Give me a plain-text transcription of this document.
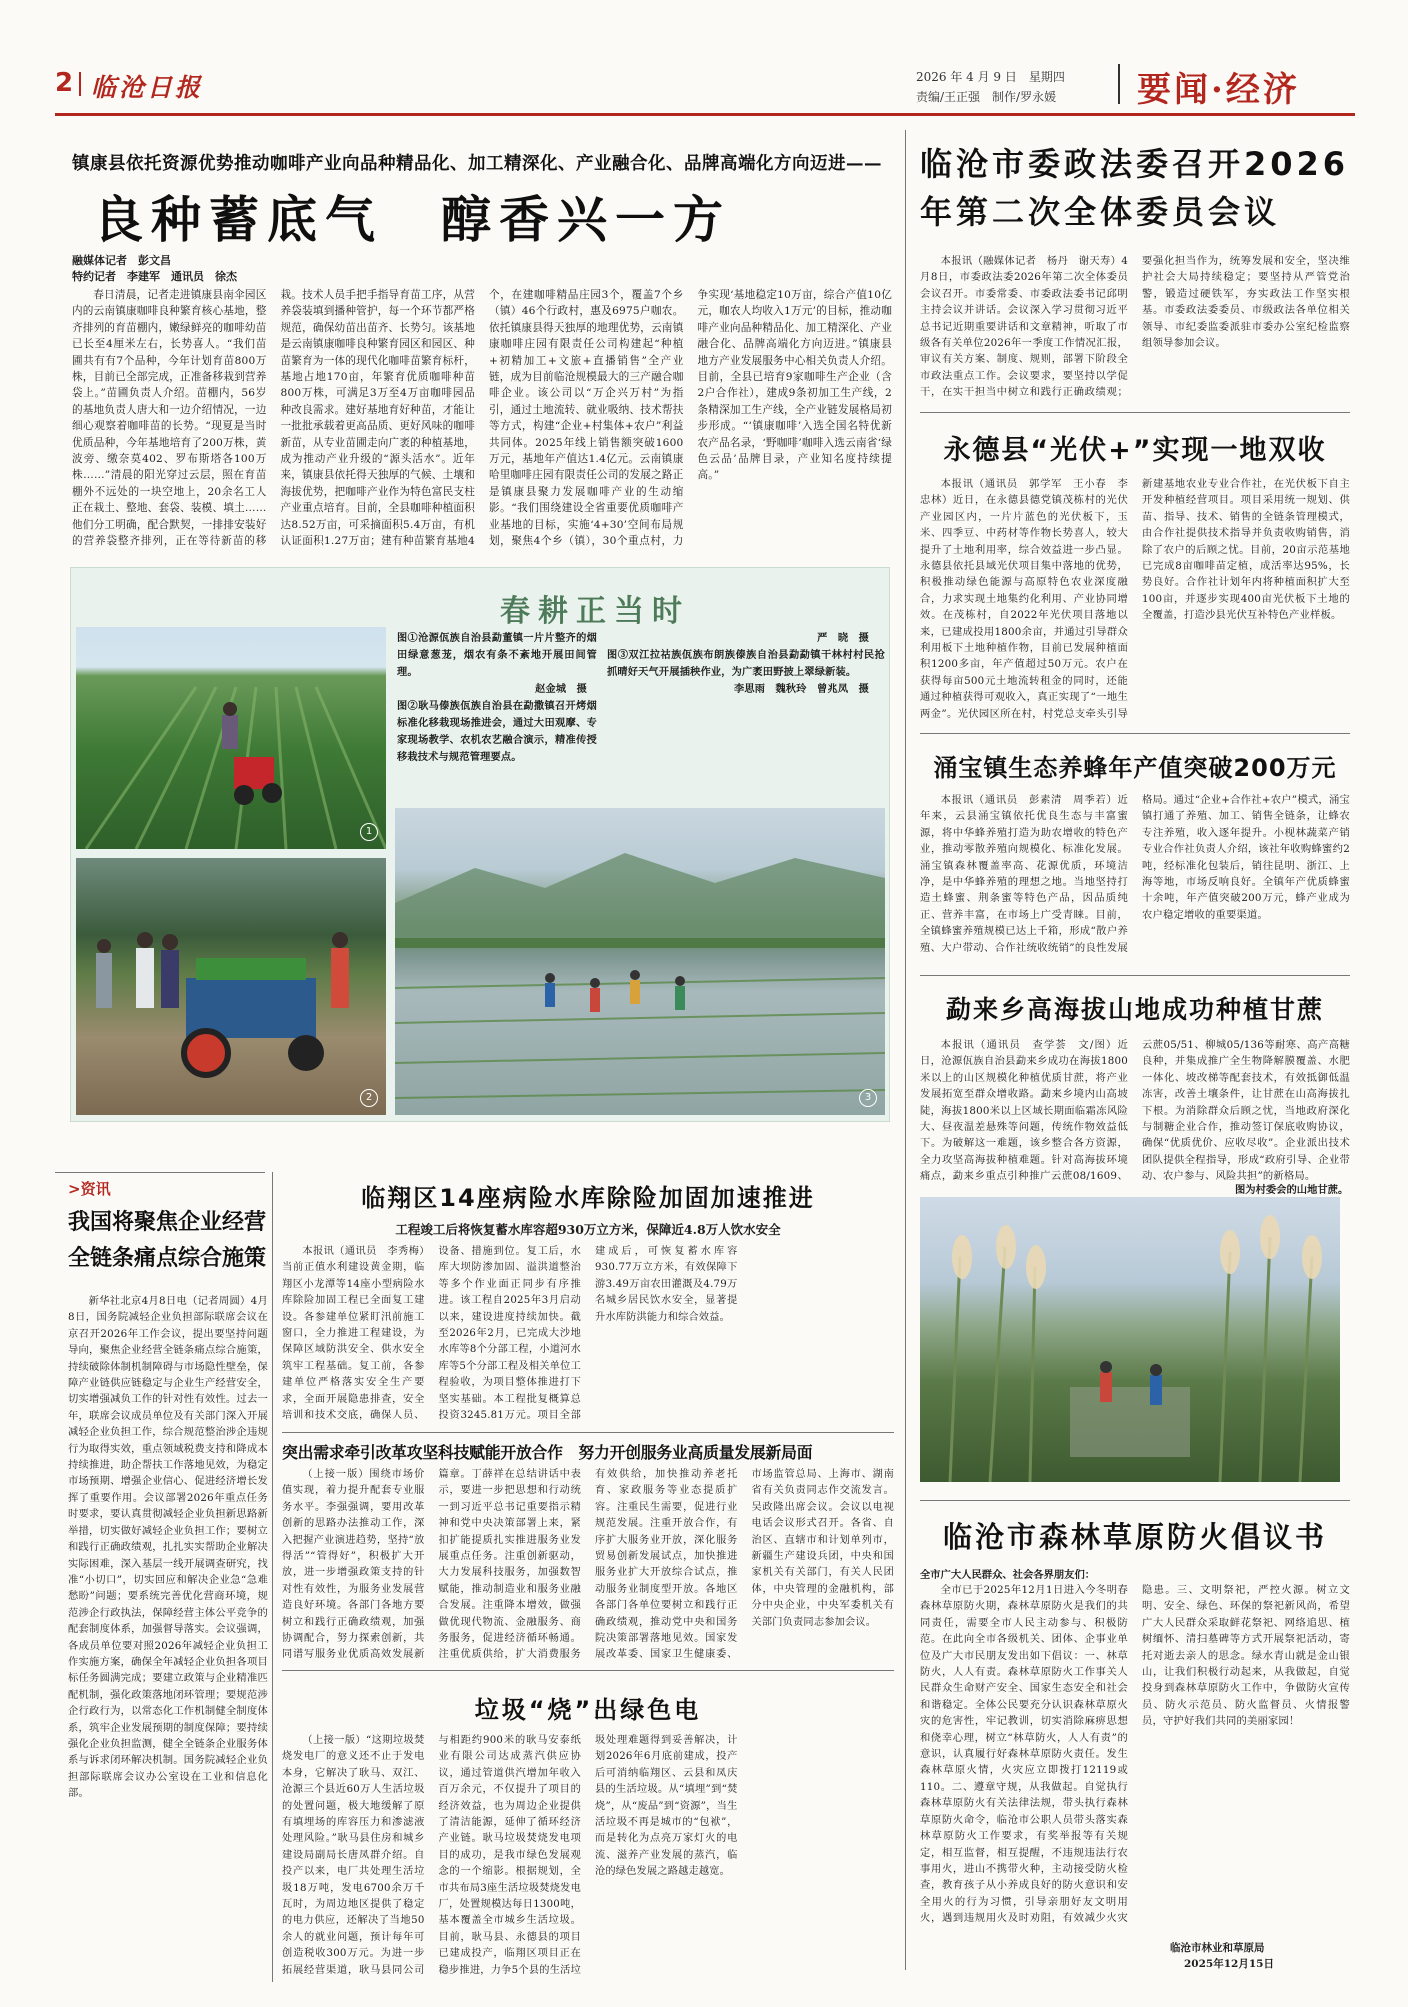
2 临沧日报	2026 年 4 月 9 日　星期四
责编/王正强　制作/罗永媛 要闻·经济
镇康县依托资源优势推动咖啡产业向品种精品化、加工精深化、产业融合化、品牌高端化方向迈进——
良种蓄底气　醇香兴一方
融媒体记者　彭文昌
特约记者　李建军　通讯员　徐杰
春日清晨，记者走进镇康县南伞园区内的云南镇康咖啡良种繁育核心基地，整齐排列的育苗棚内，嫩绿鲜亮的咖啡幼苗已长至4厘米左右，长势喜人。“我们苗圃共有有7个品种，今年计划育苗800万株，目前已全部完成，正准备移栽到营养袋上。”苗圃负责人介绍。苗棚内，56岁的基地负责人唐大和一边介绍情况，一边细心观察着咖啡苗的长势。“现夏是当时优质品种，今年基地培育了200万株，黄波旁、缴奈莫402、罗布斯塔各100万株……”清晨的阳光穿过云层，照在育苗棚外不远处的一块空地上，20余名工人正在栽土、整地、套袋、装模、填土……他们分工明确，配合默契，一排排安装好的营养袋整齐排列，正在等待新苗的移栽。技术人员手把手指导育苗工序，从营养袋装填到播种管护，每一个环节都严格规范，确保幼苗出苗齐、长势匀。该基地是云南镇康咖啡良种繁育园区和园区、种苗繁育为一体的现代化咖啡苗繁育标杆，基地占地170亩，年繁育优质咖啡种苗800万株，可满足3万至4万亩咖啡园品种改良需求。建好基地育好种苗，才能让一批批承载着更高品质、更好风味的咖啡新苗，从专业苗圃走向广袤的种植基地，成为推动产业升级的“源头活水”。近年来，镇康县依托得天独厚的气候、土壤和海拔优势，把咖啡产业作为特色富民支柱产业重点培育。目前，全县咖啡种植面积达8.52万亩，可采摘面积5.4万亩，有机认证面积1.27万亩；建有种苗繁育基地4个，在建咖啡精品庄园3个，覆盖7个乡（镇）46个行政村，惠及6975户咖农。依托镇康县得天独厚的地理优势，云南镇康咖啡庄园有限责任公司构建起“种植+初精加工+文旅+直播销售”全产业链，成为目前临沧规模最大的三产融合咖啡企业。该公司以“万企兴万村”为指引，通过土地流转、就业吸纳、技术帮扶等方式，构建“企业+村集体+农户”利益共同体。2025年线上销售额突破1600万元，基地年产值达1.4亿元。云南镇康哈里咖啡庄园有限责任公司的发展之路正是镇康县聚力发展咖啡产业的生动缩影。“我们围绕建设全省重要优质咖啡产业基地的目标，实施‘4+30’空间布局规划，聚焦4个乡（镇），30个重点村，力争实现‘基地稳定10万亩，综合产值10亿元，咖农人均收入1万元’的目标，推动咖啡产业向品种精品化、加工精深化、产业融合化、品牌高端化方向迈进。”镇康县地方产业发展服务中心相关负责人介绍。目前，全县已培育9家咖啡生产企业（含2户合作社），建成9条初加工生产线，2条精深加工生产线，全产业链发展格局初步形成。“‘镇康咖啡’入选全国名特优新农产品名录，‘野咖啡’咖啡入选云南省‘绿色云品’品牌目录，产业知名度持续提高。”
春耕正当时
1
图①沧源佤族自治县勐董镇一片片整齐的烟田绿意葱茏，烟农有条不紊地开展田间管理。
赵金城　摄
图②耿马傣族佤族自治县在勐撒镇召开烤烟标准化移栽现场推进会，通过大田观摩、专家现场教学、农机农艺融合演示，精准传授移栽技术与规范管理要点。
严　晓　摄
图③双江拉祜族佤族布朗族傣族自治县勐勐镇干林村村民抢抓晴好天气开展插秧作业，为广袤田野披上翠绿新装。
李思雨　魏秋玲　曾兆凤　摄
2	3
临沧市委政法委召开2026年第二次全体委员会议
本报讯（融媒体记者　杨丹　谢天寿）4月8日，市委政法委2026年第二次全体委员会议召开。市委常委、市委政法委书记邱明主持会议并讲话。会议深入学习贯彻习近平总书记近期重要讲话和文章精神，听取了市级各有关单位2026年一季度工作情况汇报，审议有关方案、制度、规则，部署下阶段全市政法重点工作。会议要求，要坚持以学促干，在实干担当中树立和践行正确政绩观；要强化担当作为，统筹发展和安全，坚决维护社会大局持续稳定；要坚持从严管党治警，锻造过硬铁军，夯实政法工作坚实根基。市委政法委委员、市级政法各单位相关领导、市纪委监委派驻市委办公室纪检监察组领导参加会议。
永德县“光伏+”实现一地双收
本报讯（通讯员　郭学军　王小春　李忠林）近日，在永德县德党镇茂栋村的光伏产业园区内，一片片蓝色的光伏板下，玉米、四季豆、中药材等作物长势喜人，较大提升了土地利用率，综合效益进一步凸显。永德县依托县域光伏项目集中落地的优势，积极推动绿色能源与高原特色农业深度融合，力求实现土地集约化利用、产业协同增效。在茂栋村，自2022年光伏项目落地以来，已建成投用1800余亩，并通过引导群众利用板下土地种植作物，目前已发展种植面积1200多亩，年产值超过50万元。农户在获得每亩500元土地流转租金的同时，还能通过种植获得可观收入，真正实现了“一地生两金”。光伏园区所在村，村党总支牵头引导新建基地农业专业合作社，在光伏板下自主开发种植经营项目。项目采用统一规划、供苗、指导、技术、销售的全链条管理模式，由合作社提供技术指导并负责收购销售，消除了农户的后顾之忧。目前，20亩示范基地已完成8亩咖啡苗定植，成活率达95%，长势良好。合作社计划年内将种植面积扩大至100亩，并逐步实现400亩光伏板下土地的全覆盖，打造沙县光伏互补特色产业样板。
涌宝镇生态养蜂年产值突破200万元
本报讯（通讯员　彭素清　周季若）近年来，云县涌宝镇依托优良生态与丰富蜜源，将中华蜂养殖打造为助农增收的特色产业，推动零散养殖向规模化、标准化发展。涌宝镇森林覆盖率高、花源优质，环境洁净，是中华蜂养殖的理想之地。当地坚持打造土蜂蜜、荆条蜜等特色产品，因品质纯正、营养丰富，在市场上广受青睐。目前，全镇蜂蜜养殖规模已达上千箱，形成“散户养殖、大户带动、合作社统收统销”的良性发展格局。通过“企业+合作社+农户”模式，涌宝镇打通了养殖、加工、销售全链条，让蜂农专注养殖，收入逐年提升。小枧林蔬菜产销专业合作社负责人介绍，该社年收购蜂蜜约2吨，经标准化包装后，销往昆明、浙江、上海等地，市场反响良好。全镇年产优质蜂蜜十余吨，年产值突破200万元，蜂产业成为农户稳定增收的重要渠道。
勐来乡高海拔山地成功种植甘蔗
本报讯（通讯员　查学荟　文/图）近日，沧源佤族自治县勐来乡成功在海拔1800米以上的山区规模化种植优质甘蔗，将产业发展拓宽至群众增收路。勐来乡境内山高坡陡，海拔1800米以上区域长期面临霜冻风险大、昼夜温差悬殊等问题，传统作物效益低下。为破解这一难题，该乡整合各方资源，全力攻坚高海拔种植难题。针对高海拔环境痛点，勐来乡重点引种推广云蔗08/1609、云蔗05/51、柳城05/136等耐寒、高产高糖良种，并集成推广全生物降解膜覆盖、水肥一体化、坡改梯等配套技术，有效抵御低温冻害，改善土壤条件，让甘蔗在山高海拔扎下根。为消除群众后顾之忧，当地政府深化与制糖企业合作，推动签订保底收购协议，确保“优质优价、应收尽收”。企业派出技术团队提供全程指导，形成“政府引导、企业带动、农户参与、风险共担”的新格局。
图为村委会的山地甘蔗。
临沧市森林草原防火倡议书
全市广大人民群众、社会各界朋友们：
全市已于2025年12月1日进入今冬明春森林草原防火期，森林草原防火是我们的共同责任，需要全市人民主动参与、积极防范。在此向全市各级机关、团体、企事业单位及广大市民朋友发出如下倡议：一、林草防火，人人有责。森林草原防火工作事关人民群众生命财产安全、国家生态安全和社会和谐稳定。全体公民要充分认识森林草原火灾的危害性，牢记教训，切实消除麻痹思想和侥幸心理，树立“林草防火，人人有责”的意识，认真履行好森林草原防火责任。发生森林草原火情，火灾应立即拨打12119或110。二、遵章守规，从我做起。自觉执行森林草原防火有关法律法规，带头执行森林草原防火命令，临沧市公职人员带头落实森林草原防火工作要求，有奖举报等有关规定，相互监督，相互提醒，不违规违法行农事用火，进山不携带火种，主动接受防火检查，教育孩子从小养成良好的防火意识和安全用火的行为习惯，引导亲朋好友文明用火，遇到违规用火及时劝阻，有效减少火灾隐患。三、文明祭祀，严控火源。树立文明、安全、绿色、环保的祭祀新风尚，希望广大人民群众采取鲜花祭祀、网络追思、植树缅怀、清扫墓碑等方式开展祭祀活动，寄托对逝去亲人的思念。绿水青山就是金山银山，让我们积极行动起来，从我做起，自觉投身到森林草原防火工作中，争做防火宣传员、防火示范员、防火监督员、火情报警员，守护好我们共同的美丽家园！
临沧市林业和草原局
2025年12月15日
>资讯
我国将聚焦企业经营全链条痛点综合施策
新华社北京4月8日电（记者周圆）4月8日，国务院减轻企业负担部际联席会议在京召开2026年工作会议，提出要坚持问题导向，聚焦企业经营全链条痛点综合施策，持续破除体制机制障碍与市场隐性壁垒，保障产业链供应链稳定与企业生产经营安全，切实增强减负工作的针对性有效性。过去一年，联席会议成员单位及有关部门深入开展减轻企业负担工作，综合规范整治涉企违规行为取得实效，重点领域税费支持和降成本持续推进，助企帮扶工作落地见效，为稳定市场预期、增强企业信心、促进经济增长发挥了重要作用。会议部署2026年重点任务时要求，要认真贯彻减轻企业负担新思路新举措，切实做好减轻企业负担工作；要树立和践行正确政绩观，扎扎实实帮助企业解决实际困难，深入基层一线开展调查研究，找准“小切口”，切实回应和解决企业急“急难愁盼”问题；要系统完善优化营商环境，规范涉企行政执法，保障经营主体公平竞争的配套制度体系，加强督导落实。会议强调，各成员单位要对照2026年减轻企业负担工作实施方案，确保全年减轻企业负担各项目标任务圆满完成；要建立政策与企业精准匹配机制，强化政策落地闭环管理；要规范涉企行政行为，以常态化工作机制健全制度体系，筑牢企业发展预期的制度保障；要持续强化企业负担监测，健全全链条企业服务体系与诉求闭环解决机制。国务院减轻企业负担部际联席会议办公室设在工业和信息化部。
临翔区14座病险水库除险加固加速推进
工程竣工后将恢复蓄水库容超930万立方米，保障近4.8万人饮水安全
本报讯（通讯员　李秀梅）当前正值水利建设黄金期，临翔区小龙潭等14座小型病险水库除险加固工程已全面复工建设。各参建单位紧盯汛前施工窗口，全力推进工程建设，为保障区域防洪安全、供水安全筑牢工程基础。复工前，各参建单位严格落实安全生产要求，全面开展隐患排查，安全培训和技术交底，确保人员、设备、措施到位。复工后，水库大坝防渗加固、溢洪道整治等多个作业面正同步有序推进。该工程自2025年3月启动以来，建设进度持续加快。截至2026年2月，已完成大沙地水库等8个分部工程，小道河水库等5个分部工程及相关单位工程验收，为项目整体推进打下坚实基础。本工程批复概算总投资3245.81万元。项目全部建成后，可恢复蓄水库容930.77万立方米，有效保障下游3.49万亩农田灌溉及4.79万名城乡居民饮水安全，显著提升水库防洪能力和综合效益。
突出需求牵引改革攻坚科技赋能开放合作　努力开创服务业高质量发展新局面
（上接一版）围绕市场价值实现，着力提升配套专业服务水平。李强强调，要用改革创新的思路办法推动工作，深入把握产业演进趋势，坚持“放得活”“管得好”，积极扩大开放，进一步增强政策支持的针对性有效性，为服务业发展营造良好环境。各部门各地方要树立和践行正确政绩观，加强协调配合，努力探索创新，共同谱写服务业优质高效发展新篇章。丁薛祥在总结讲话中表示，要进一步把思想和行动统一到习近平总书记重要指示精神和党中央决策部署上来，紧扣扩能提质扎实推进服务业发展重点任务。注重创新驱动，大力发展科技服务，加强数智赋能，推动制造业和服务业融合发展。注重降本增效，做强做优现代物流、金融服务、商务服务，促进经济循环畅通。注重优质供给，扩大消费服务有效供给，加快推动养老托育、家政服务等业态提质扩容。注重民生需要，促进行业规范发展。注重开放合作，有序扩大服务业开放，深化服务贸易创新发展试点，加快推进服务业扩大开放综合试点，推动服务业制度型开放。各地区各部门各单位要树立和践行正确政绩观，推动党中央和国务院决策部署落地见效。国家发展改革委、国家卫生健康委、市场监管总局、上海市、湖南省有关负责同志作交流发言。吴政隆出席会议。会议以电视电话会议形式召开。各省、自治区、直辖市和计划单列市，新疆生产建设兵团，中央和国家机关有关部门，有关人民团体，中央管理的金融机构，部分中央企业，中央军委机关有关部门负责同志参加会议。
垃圾“烧”出绿色电
（上接一版）“这期垃圾焚烧发电厂的意义还不止于发电本身，它解决了耿马、双江、沧源三个县近60万人生活垃圾的处置问题，极大地缓解了原有填埋场的库容压力和渗滤液处理风险。”耿马县住房和城乡建设局副局长唐凤群介绍。自投产以来，电厂共处理生活垃圾18万吨，发电6700余万千瓦时，为周边地区提供了稳定的电力供应，还解决了当地50余人的就业问题，预计每年可创造税收300万元。为进一步拓展经营渠道，耿马县同公司与相距约900米的耿马安泰纸业有限公司达成蒸汽供应协议，通过管道供汽增加年收入百万余元，不仅提升了项目的经济效益，也为周边企业提供了清洁能源，延伸了循环经济产业链。耿马垃圾焚烧发电项目的成功，是我市绿色发展观念的一个缩影。根据规划，全市共布局3座生活垃圾焚烧发电厂，处置规模达每日1300吨，基本覆盖全市城乡生活垃圾。目前，耿马县、永德县的项目已建成投产，临翔区项目正在稳步推进，力争5个县的生活垃圾处理难题得到妥善解决，计划2026年6月底前建成，投产后可消纳临翔区、云县和凤庆县的生活垃圾。从“填埋”到“焚烧”，从“废品”到“资源”，当生活垃圾不再是城市的“包袱”，而是转化为点亮万家灯火的电流、滋养产业发展的蒸汽，临沧的绿色发展之路越走越宽。
